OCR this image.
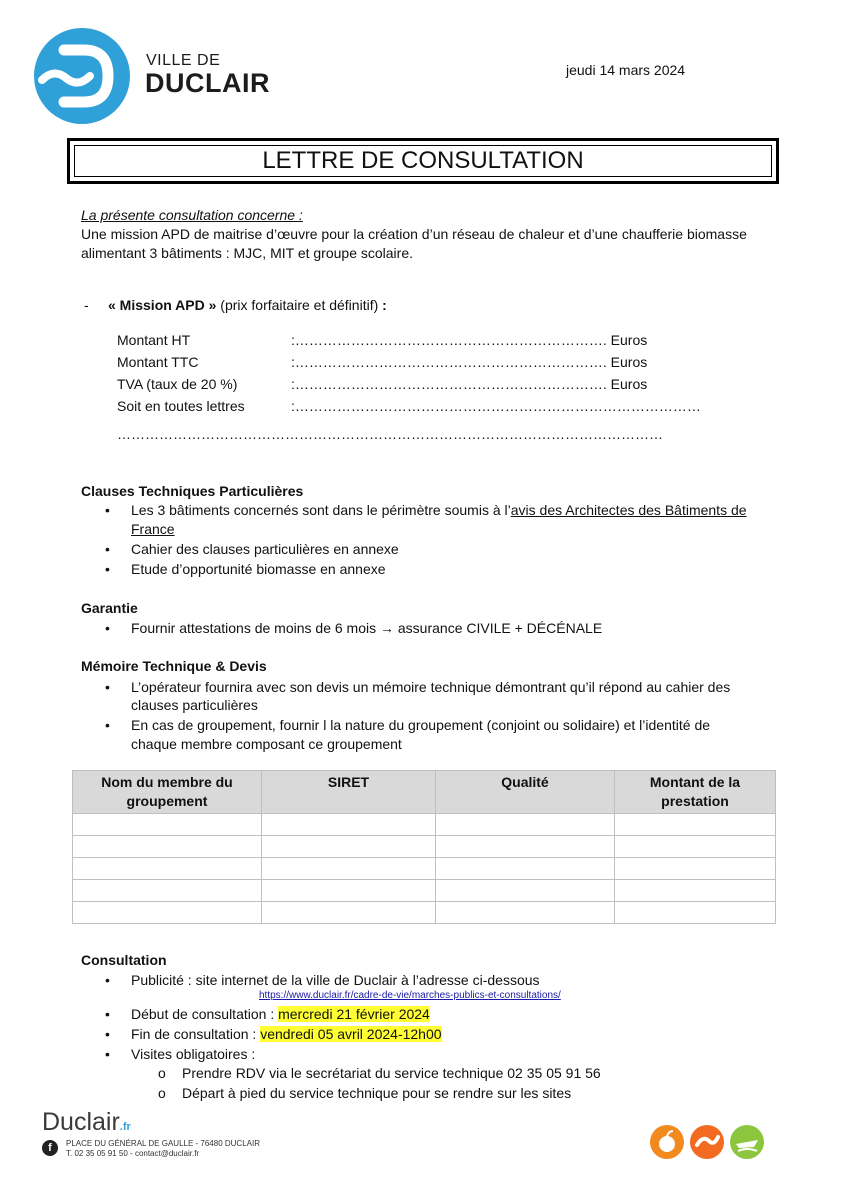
VILLE DE
DUCLAIR	jeudi 14 mars 2024
LETTRE DE CONSULTATION
La présente consultation concerne :
Une mission APD de maitrise d’œuvre pour la création d’un réseau de chaleur et d’une chaufferie biomasse
alimentant 3 bâtiments : MJC, MIT et groupe scolaire.
- « Mission APD » (prix forfaitaire et définitif) :
Montant HT	:…………………………………………………………. Euros
Montant TTC	:…………………………………………………………. Euros
TVA (taux de 20 %)	:…………………………………………………………. Euros
Soit en toutes lettres	:……………………………………………………………………………
………………………………………………………………………………………………………
Clauses Techniques Particulières
• Les 3 bâtiments concernés sont dans le périmètre soumis à l’avis des Architectes des Bâtiments de
France
• Cahier des clauses particulières en annexe
• Etude d’opportunité biomasse en annexe
Garantie
• Fournir attestations de moins de 6 mois → assurance CIVILE + DÉCÉNALE
Mémoire Technique & Devis
• L’opérateur fournira avec son devis un mémoire technique démontrant qu’il répond au cahier des
clauses particulières
• En cas de groupement, fournir l la nature du groupement (conjoint ou solidaire) et l’identité de
chaque membre composant ce groupement
Nom du membre du groupement	SIRET	Qualité	Montant de la prestation

Consultation
• Publicité : site internet de la ville de Duclair à l’adresse ci-dessous
https://www.duclair.fr/cadre-de-vie/marches-publics-et-consultations/
• Début de consultation : mercredi 21 février 2024
• Fin de consultation : vendredi 05 avril 2024-12h00
• Visites obligatoires :
o Prendre RDV via le secrétariat du service technique 02 35 05 91 56
o Départ à pied du service technique pour se rendre sur les sites
Duclair.fr
f	PLACE DU GÉNÉRAL DE GAULLE - 76480 DUCLAIR
T. 02 35 05 91 50 - contact@duclair.fr
